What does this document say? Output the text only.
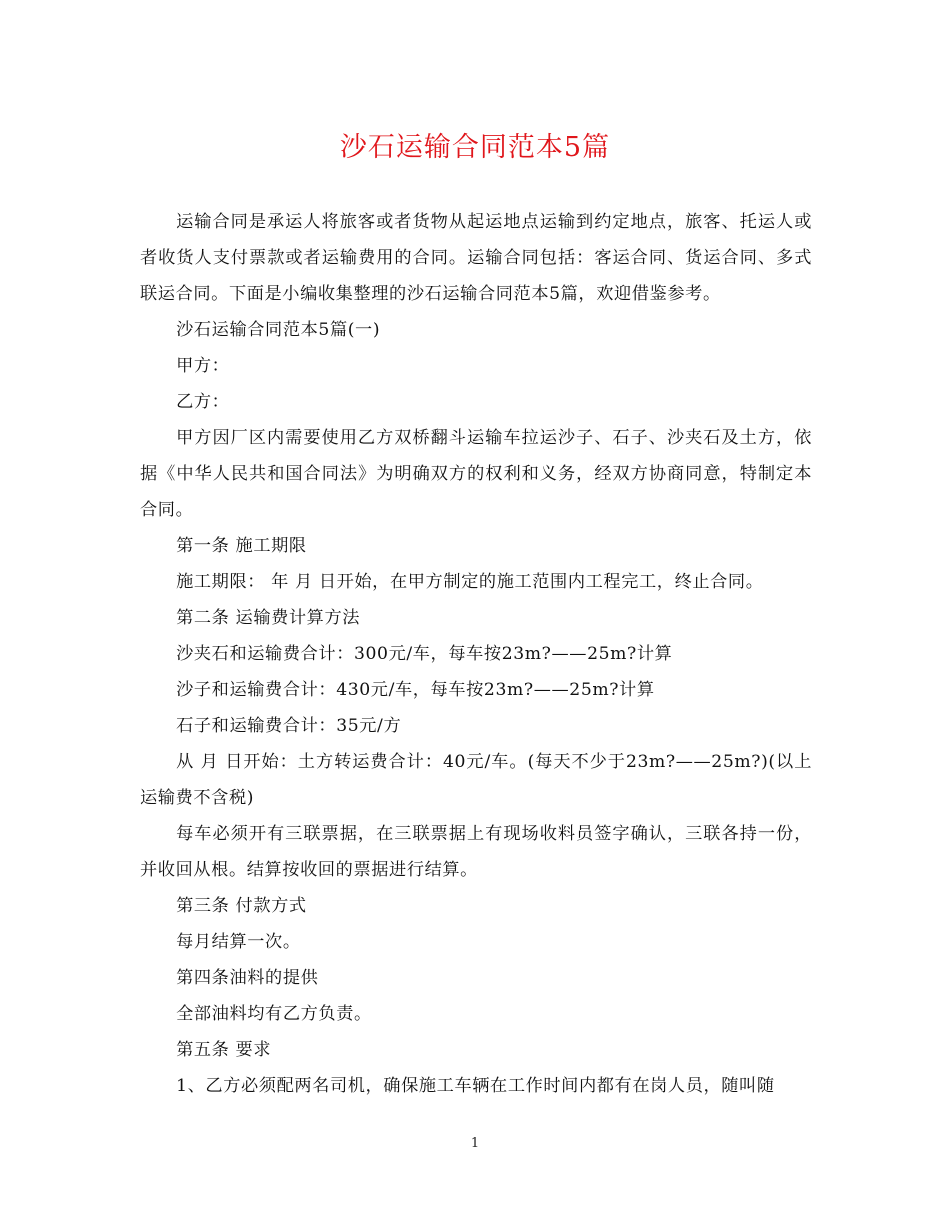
沙石运输合同范本5篇

运输合同是承运人将旅客或者货物从起运地点运输到约定地点，旅客、托运人或者收货人支付票款或者运输费用的合同。运输合同包括：客运合同、货运合同、多式联运合同。下面是小编收集整理的沙石运输合同范本5篇，欢迎借鉴参考。

沙石运输合同范本5篇(一)

甲方：

乙方：

甲方因厂区内需要使用乙方双桥翻斗运输车拉运沙子、石子、沙夹石及土方，依据《中华人民共和国合同法》为明确双方的权利和义务，经双方协商同意，特制定本合同。

第一条 施工期限

施工期限： 年 月 日开始，在甲方制定的施工范围内工程完工，终止合同。

第二条 运输费计算方法

沙夹石和运输费合计：300元/车，每车按23m?——25m?计算

沙子和运输费合计：430元/车，每车按23m?——25m?计算

石子和运输费合计：35元/方

从 月 日开始：土方转运费合计：40元/车。(每天不少于23m?——25m?)(以上运输费不含税)

每车必须开有三联票据，在三联票据上有现场收料员签字确认，三联各持一份，并收回从根。结算按收回的票据进行结算。

第三条 付款方式

每月结算一次。

第四条油料的提供

全部油料均有乙方负责。

第五条 要求

1、乙方必须配两名司机，确保施工车辆在工作时间内都有在岗人员，随叫随

1
